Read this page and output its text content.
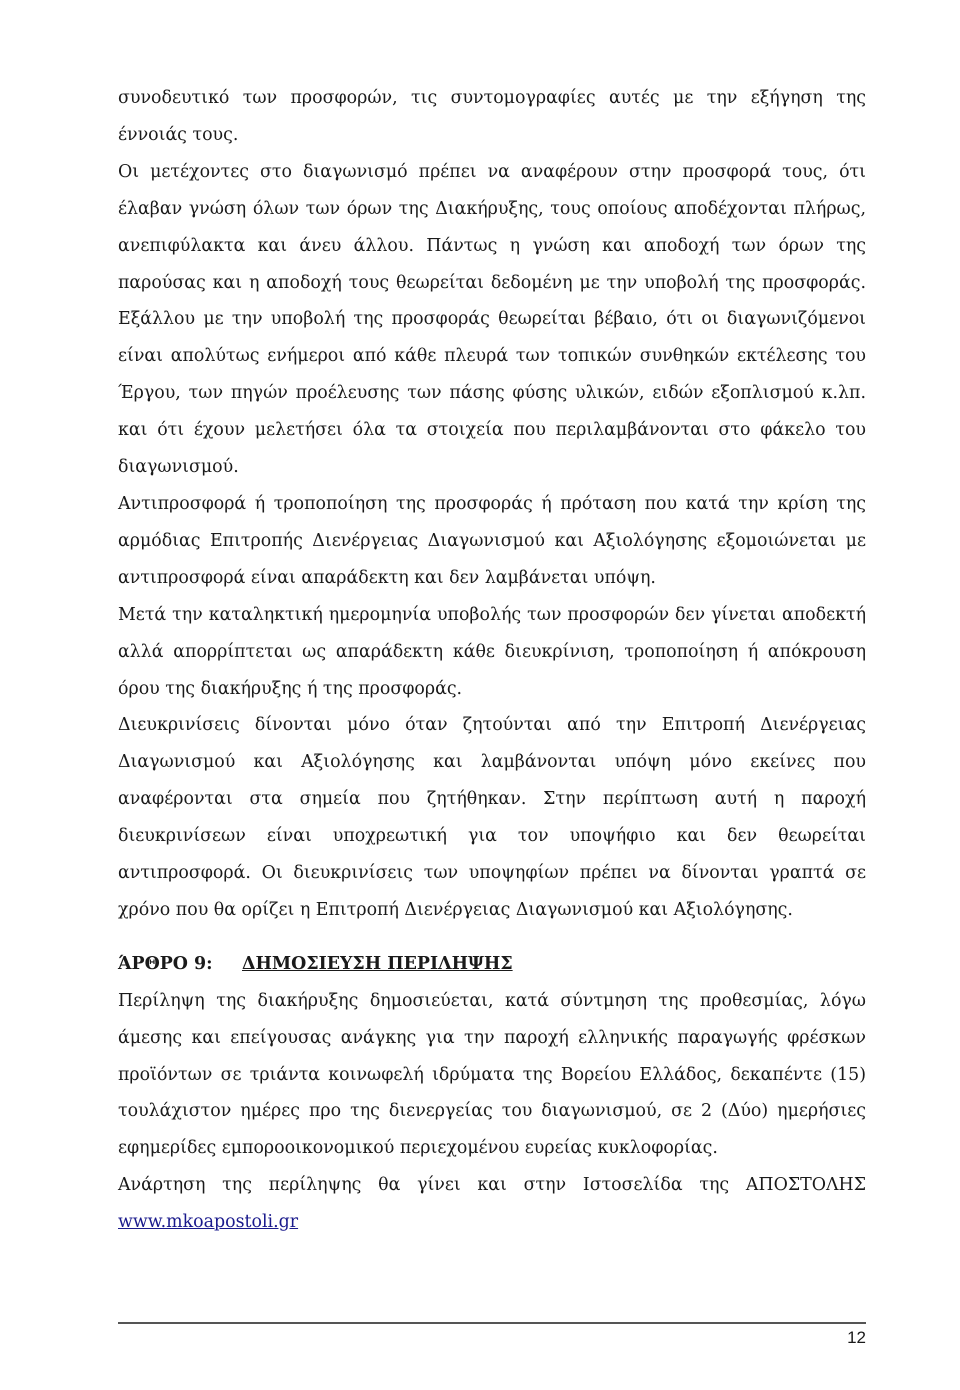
συνοδευτικό των προσφορών, τις συντομογραφίες αυτές με την εξήγηση της έννοιάς τους.

Οι μετέχοντες στο διαγωνισμό πρέπει να αναφέρουν στην προσφορά τους, ότι έλαβαν γνώση όλων των όρων της Διακήρυξης, τους οποίους αποδέχονται πλήρως, ανεπιφύλακτα και άνευ άλλου. Πάντως η γνώση και αποδοχή των όρων της παρούσας και η αποδοχή τους θεωρείται δεδομένη με την υποβολή της προσφοράς. Εξάλλου με την υποβολή της προσφοράς θεωρείται βέβαιο, ότι οι διαγωνιζόμενοι είναι απολύτως ενήμεροι από κάθε πλευρά των τοπικών συνθηκών εκτέλεσης του Έργου, των πηγών προέλευσης των πάσης φύσης υλικών, ειδών εξοπλισμού κ.λπ. και ότι έχουν μελετήσει όλα τα στοιχεία που περιλαμβάνονται στο φάκελο του διαγωνισμού.

Αντιπροσφορά ή τροποποίηση της προσφοράς ή πρόταση που κατά την κρίση της αρμόδιας Επιτροπής Διενέργειας Διαγωνισμού και Αξιολόγησης εξομοιώνεται με αντιπροσφορά είναι απαράδεκτη και δεν λαμβάνεται υπόψη.

Μετά την καταληκτική ημερομηνία υποβολής των προσφορών δεν γίνεται αποδεκτή αλλά απορρίπτεται ως απαράδεκτη κάθε διευκρίνιση, τροποποίηση ή απόκρουση όρου της διακήρυξης ή της προσφοράς.

Διευκρινίσεις δίνονται μόνο όταν ζητούνται από την Επιτροπή Διενέργειας Διαγωνισμού και Αξιολόγησης και λαμβάνονται υπόψη μόνο εκείνες που αναφέρονται στα σημεία που ζητήθηκαν. Στην περίπτωση αυτή η παροχή διευκρινίσεων είναι υποχρεωτική για τον υποψήφιο και δεν θεωρείται αντιπροσφορά. Οι διευκρινίσεις των υποψηφίων πρέπει να δίνονται γραπτά σε χρόνο που θα ορίζει η Επιτροπή Διενέργειας Διαγωνισμού και Αξιολόγησης.

ΆΡΘΡΟ 9:	ΔΗΜΟΣΙΕΥΣΗ ΠΕΡΙΛΗΨΗΣ

Περίληψη της διακήρυξης δημοσιεύεται, κατά σύντμηση της προθεσμίας, λόγω άμεσης και επείγουσας ανάγκης για την παροχή ελληνικής παραγωγής φρέσκων προϊόντων σε τριάντα κοινωφελή ιδρύματα της Βορείου Ελλάδος, δεκαπέντε (15) τουλάχιστον ημέρες προ της διενεργείας του διαγωνισμού, σε 2 (Δύο) ημερήσιες εφημερίδες εμποροοικονομικού περιεχομένου ευρείας κυκλοφορίας.

Ανάρτηση της περίληψης θα γίνει και στην Ιστοσελίδα της ΑΠΟΣΤΟΛΗΣ

www.mkoapostoli.gr

12
